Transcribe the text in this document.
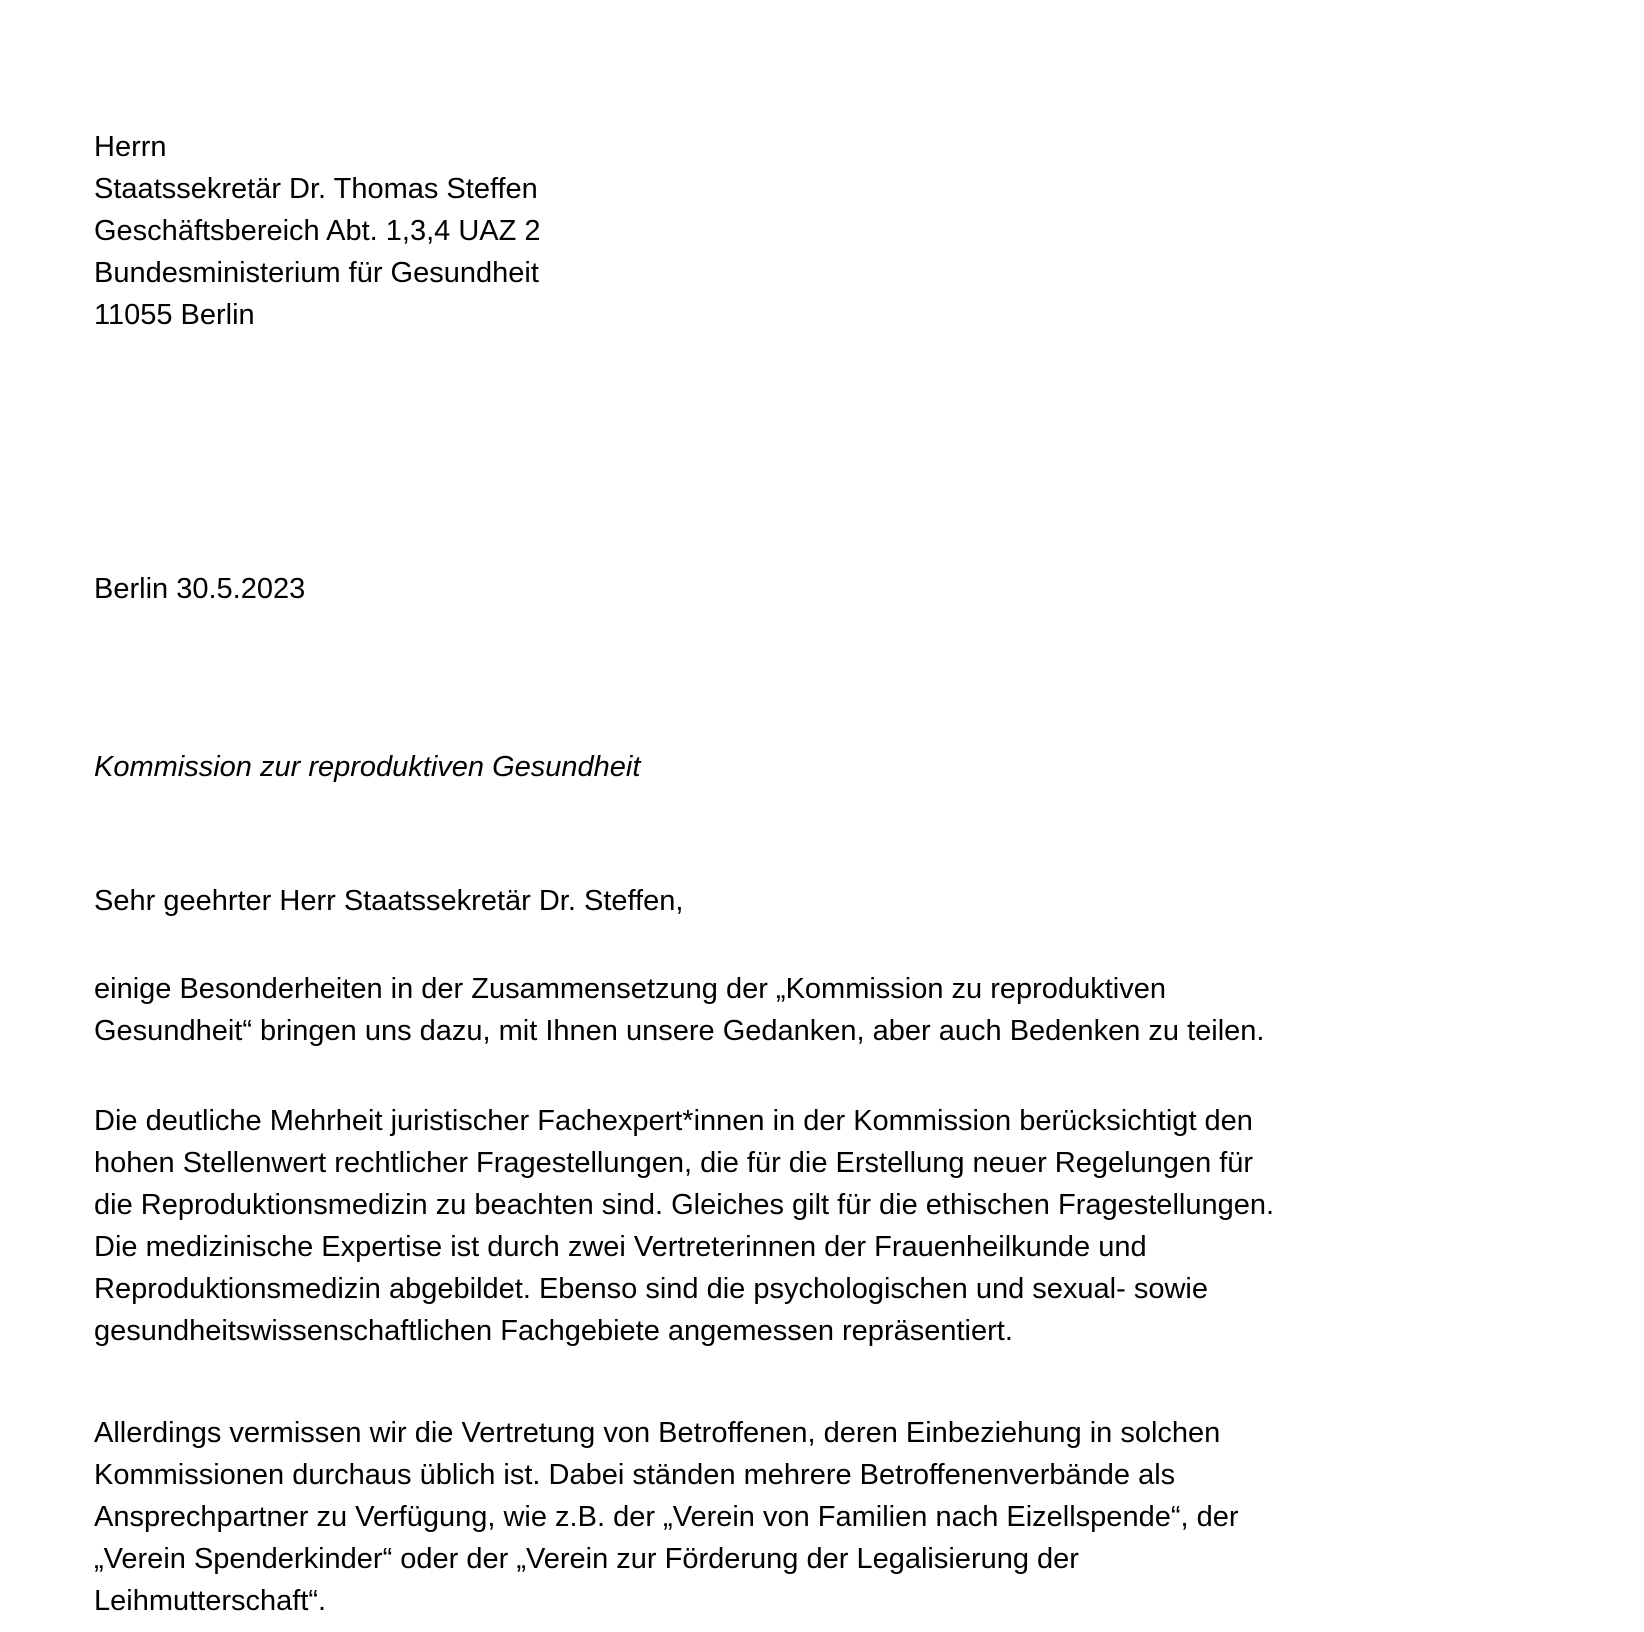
Herrn
Staatssekretär Dr. Thomas Steffen
Geschäftsbereich Abt. 1,3,4 UAZ 2
Bundesministerium für Gesundheit
11055 Berlin
Berlin 30.5.2023
Kommission zur reproduktiven Gesundheit
Sehr geehrter Herr Staatssekretär Dr. Steffen,
einige Besonderheiten in der Zusammensetzung der „Kommission zu reproduktiven
Gesundheit“ bringen uns dazu, mit Ihnen unsere Gedanken, aber auch Bedenken zu teilen.
Die deutliche Mehrheit juristischer Fachexpert*innen in der Kommission berücksichtigt den
hohen Stellenwert rechtlicher Fragestellungen, die für die Erstellung neuer Regelungen für
die Reproduktionsmedizin zu beachten sind. Gleiches gilt für die ethischen Fragestellungen.
Die medizinische Expertise ist durch zwei Vertreterinnen der Frauenheilkunde und
Reproduktionsmedizin abgebildet. Ebenso sind die psychologischen und sexual- sowie
gesundheitswissenschaftlichen Fachgebiete angemessen repräsentiert.
Allerdings vermissen wir die Vertretung von Betroffenen, deren Einbeziehung in solchen
Kommissionen durchaus üblich ist. Dabei ständen mehrere Betroffenenverbände als
Ansprechpartner zu Verfügung, wie z.B. der „Verein von Familien nach Eizellspende“, der
„Verein Spenderkinder“ oder der „Verein zur Förderung der Legalisierung der
Leihmutterschaft“.
